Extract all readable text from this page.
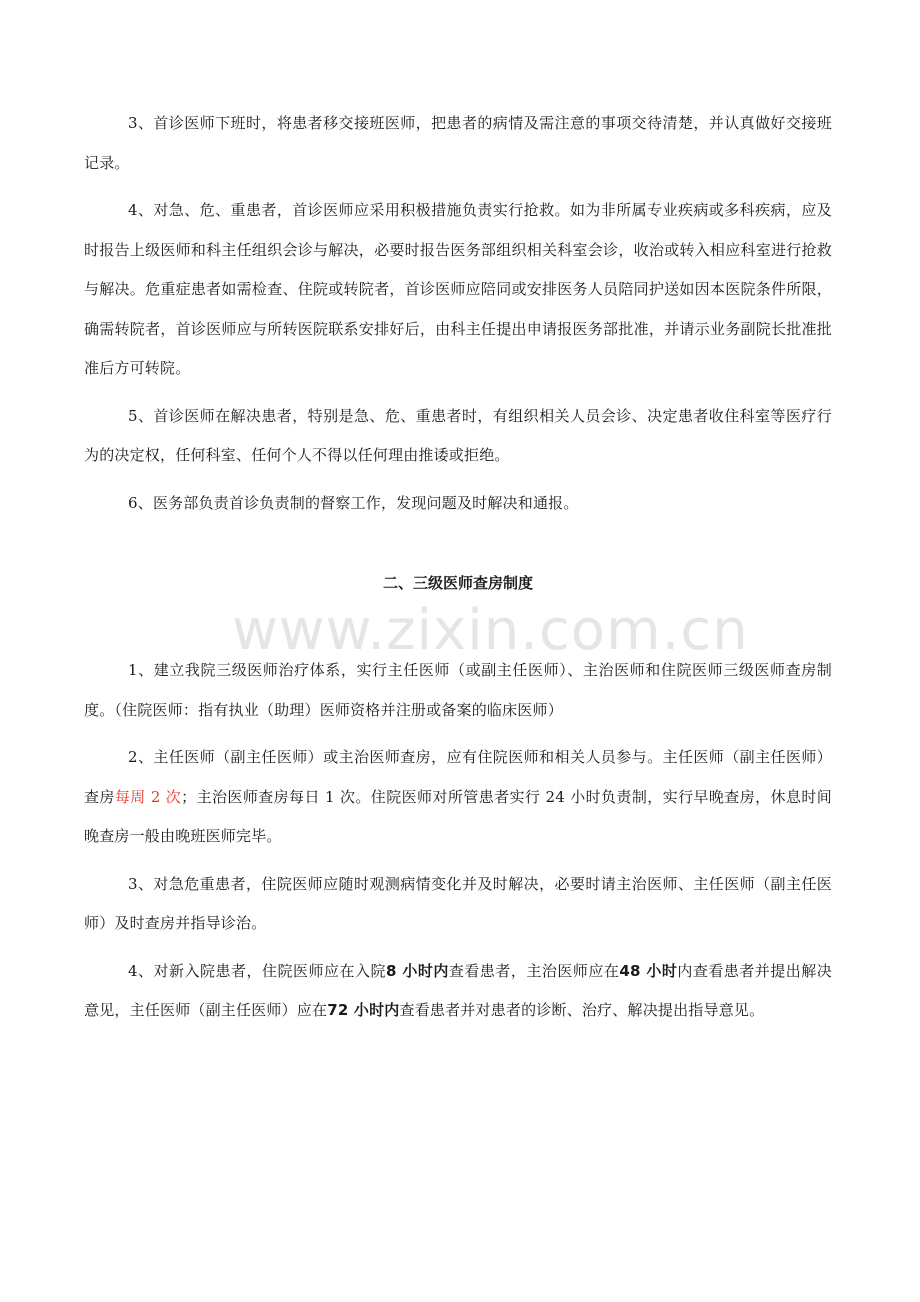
www.zixin.com.cn

3、首诊医师下班时，将患者移交接班医师，把患者的病情及需注意的事项交待清楚，并认真做好交接班记录。

4、对急、危、重患者，首诊医师应采用积极措施负责实行抢救。如为非所属专业疾病或多科疾病，应及时报告上级医师和科主任组织会诊与解决，必要时报告医务部组织相关科室会诊，收治或转入相应科室进行抢救与解决。危重症患者如需检查、住院或转院者，首诊医师应陪同或安排医务人员陪同护送如因本医院条件所限，确需转院者，首诊医师应与所转医院联系安排好后，由科主任提出申请报医务部批准，并请示业务副院长批准批准后方可转院。

5、首诊医师在解决患者，特别是急、危、重患者时，有组织相关人员会诊、决定患者收住科室等医疗行为的决定权，任何科室、任何个人不得以任何理由推诿或拒绝。

6、医务部负责首诊负责制的督察工作，发现问题及时解决和通报。

二、三级医师查房制度

1、建立我院三级医师治疗体系，实行主任医师（或副主任医师）、主治医师和住院医师三级医师查房制度。（住院医师：指有执业（助理）医师资格并注册或备案的临床医师）

2、主任医师（副主任医师）或主治医师查房，应有住院医师和相关人员参与。主任医师（副主任医师）查房每周 2 次；主治医师查房每日 1 次。住院医师对所管患者实行 24 小时负责制，实行早晚查房，休息时间晚查房一般由晚班医师完毕。

3、对急危重患者，住院医师应随时观测病情变化并及时解决，必要时请主治医师、主任医师（副主任医师）及时查房并指导诊治。

4、对新入院患者，住院医师应在入院8 小时内查看患者，主治医师应在48 小时内查看患者并提出解决意见，主任医师（副主任医师）应在72 小时内查看患者并对患者的诊断、治疗、解决提出指导意见。
